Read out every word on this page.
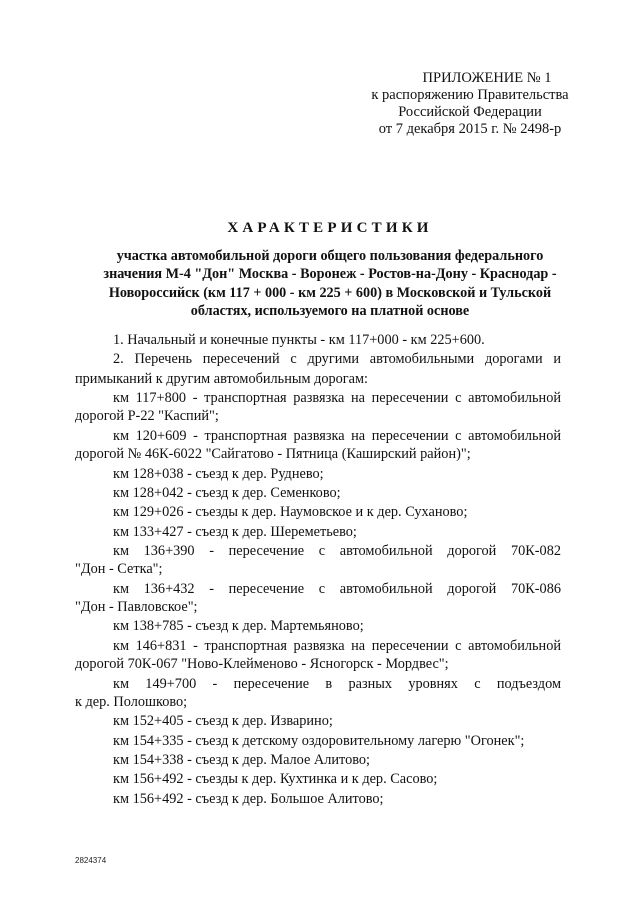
ПРИЛОЖЕНИЕ № 1
к распоряжению Правительства
Российской Федерации
от 7 декабря 2015 г. № 2498-р
ХАРАКТЕРИСТИКИ
участка автомобильной дороги общего пользования федерального
значения М-4 "Дон" Москва - Воронеж - Ростов-на-Дону - Краснодар -
Новороссийск (км 117 + 000 - км 225 + 600) в Московской и Тульской
областях, используемого на платной основе
1. Начальный и конечные пункты - км 117+000 - км 225+600.
2. Перечень пересечений с другими автомобильными дорогами и
примыканий к другим автомобильным дорогам:
км 117+800 - транспортная развязка на пересечении с автомобильной
дорогой Р-22 "Каспий";
км 120+609 - транспортная развязка на пересечении с автомобильной
дорогой № 46К-6022 "Сайгатово - Пятница (Каширский район)";
км 128+038 - съезд к дер. Руднево;
км 128+042 - съезд к дер. Семенково;
км 129+026 - съезды к дер. Наумовское и к дер. Суханово;
км 133+427 - съезд к дер. Шереметьево;
км 136+390 - пересечение с автомобильной дорогой 70К-082
"Дон - Сетка";
км 136+432 - пересечение с автомобильной дорогой 70К-086
"Дон - Павловское";
км 138+785 - съезд к дер. Мартемьяново;
км 146+831 - транспортная развязка на пересечении с автомобильной
дорогой 70К-067 "Ново-Клейменово - Ясногорск - Мордвес";
км 149+700 - пересечение в разных уровнях с подъездом
к дер. Полошково;
км 152+405 - съезд к дер. Изварино;
км 154+335 - съезд к детскому оздоровительному лагерю "Огонек";
км 154+338 - съезд к дер. Малое Алитово;
км 156+492 - съезды к дер. Кухтинка и к дер. Сасово;
км 156+492 - съезд к дер. Большое Алитово;
2824374
